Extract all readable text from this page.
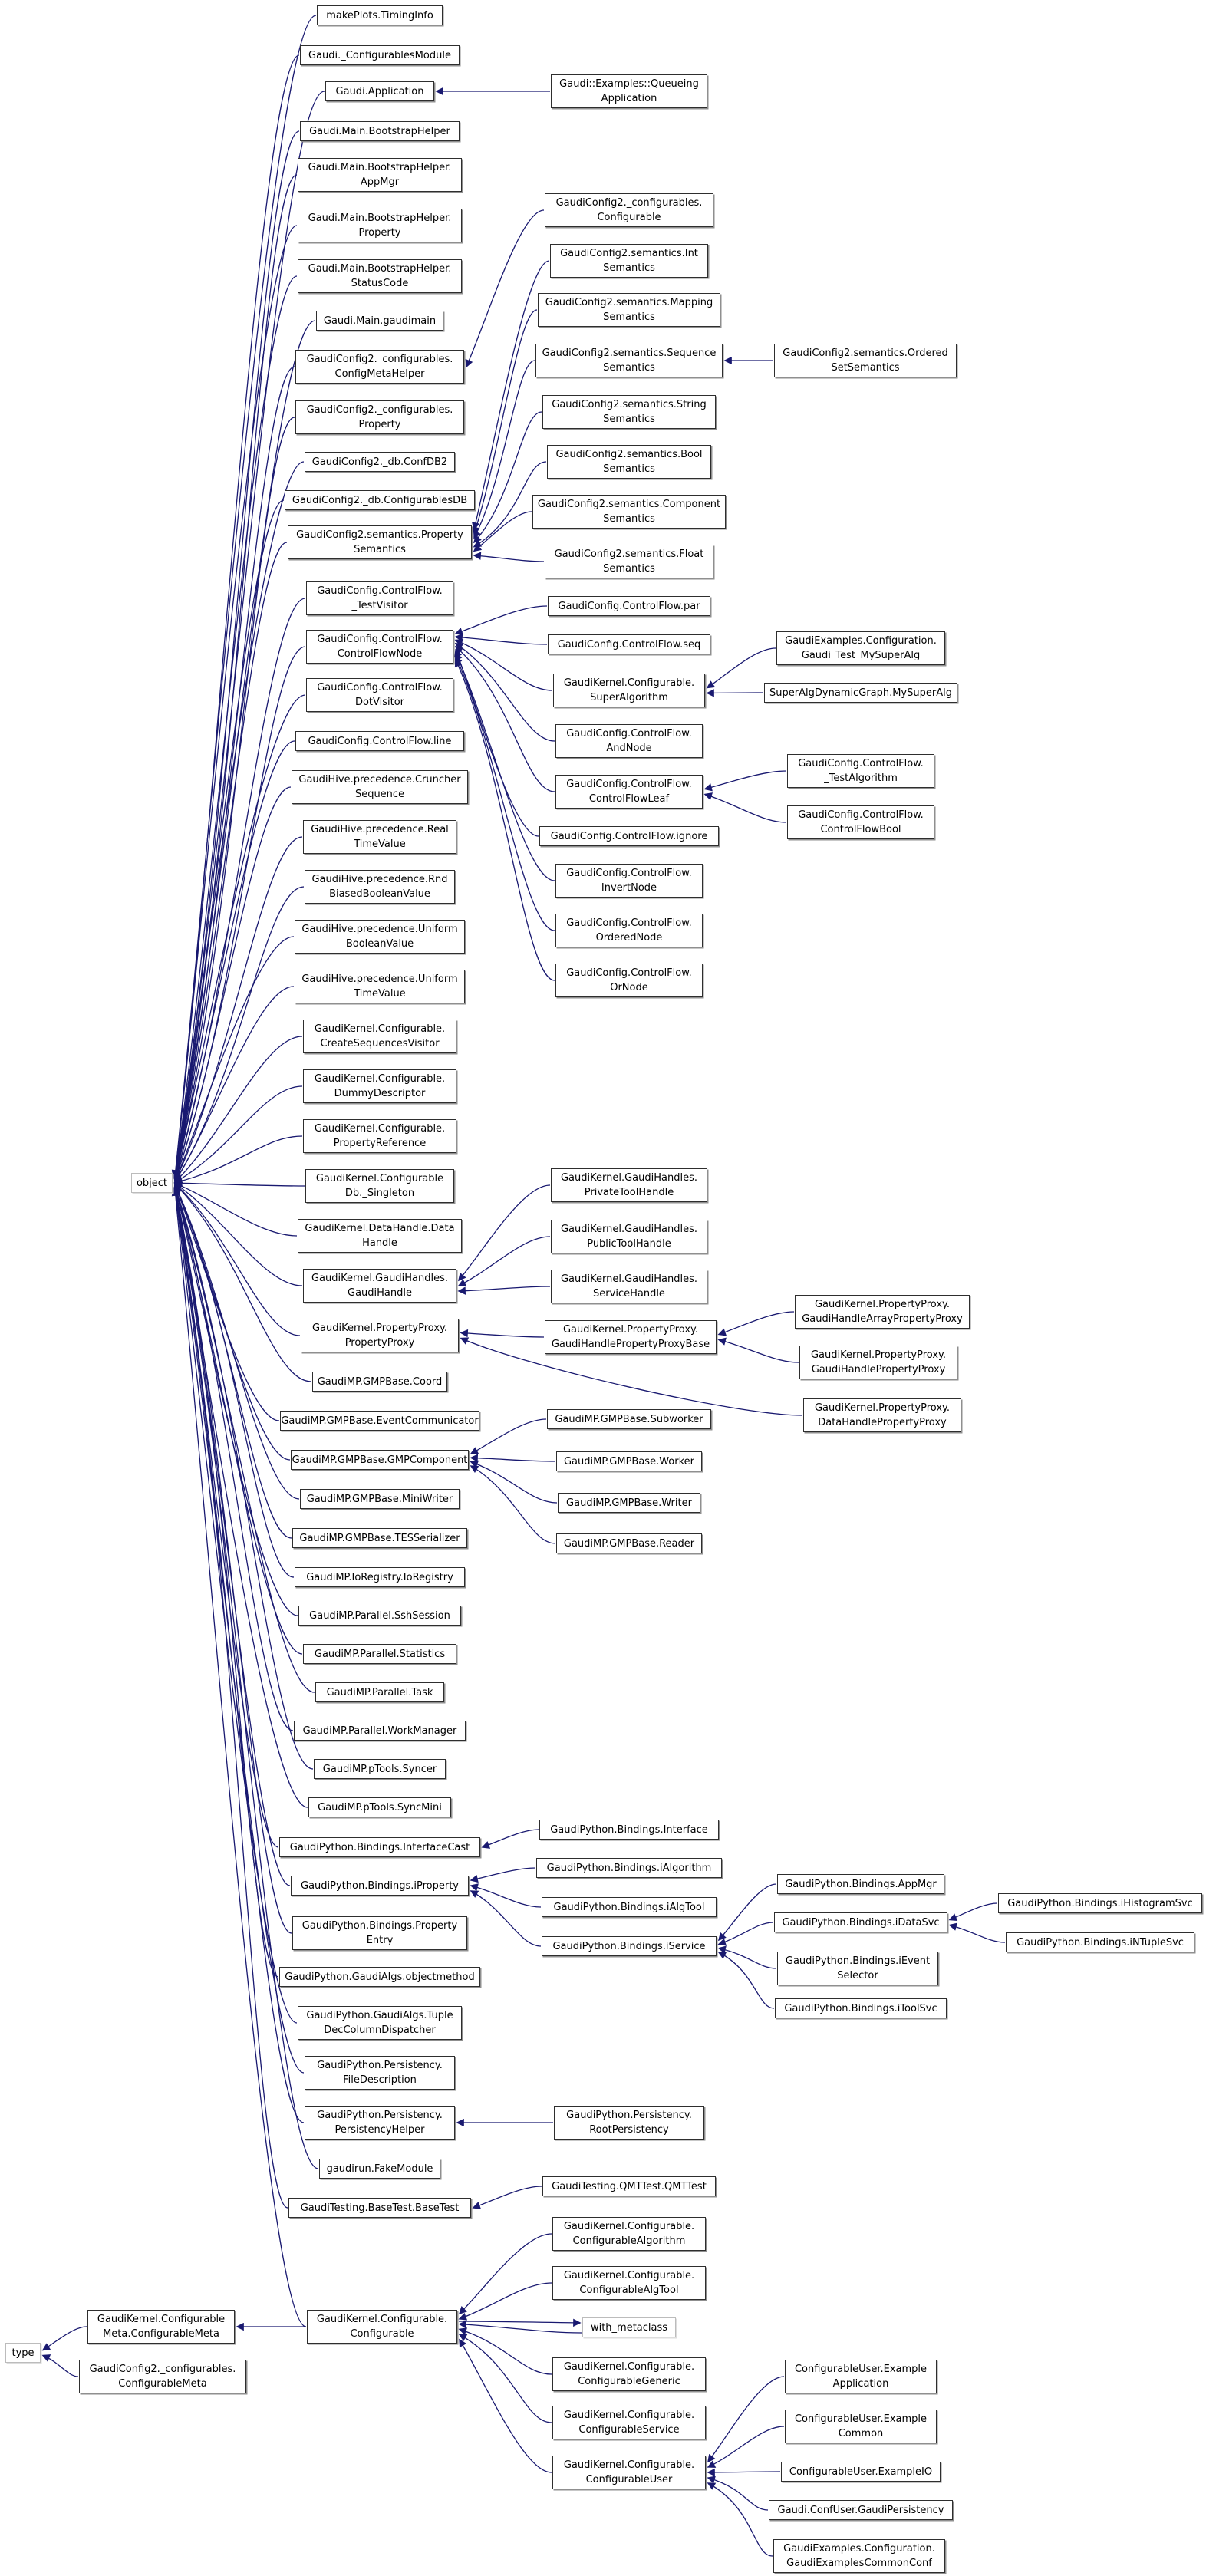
object
type
makePlots.TimingInfo
Gaudi._ConfigurablesModule
Gaudi.Application
Gaudi.Main.BootstrapHelper
Gaudi.Main.BootstrapHelper.
AppMgr
Gaudi.Main.BootstrapHelper.
Property
Gaudi.Main.BootstrapHelper.
StatusCode
Gaudi.Main.gaudimain
GaudiConfig2._configurables.
ConfigMetaHelper
GaudiConfig2._configurables.
Property
GaudiConfig2._db.ConfDB2
GaudiConfig2._db.ConfigurablesDB
GaudiConfig2.semantics.Property
Semantics
GaudiConfig.ControlFlow.
_TestVisitor
GaudiConfig.ControlFlow.
ControlFlowNode
GaudiConfig.ControlFlow.
DotVisitor
GaudiConfig.ControlFlow.line
GaudiHive.precedence.Cruncher
Sequence
GaudiHive.precedence.Real
TimeValue
GaudiHive.precedence.Rnd
BiasedBooleanValue
GaudiHive.precedence.Uniform
BooleanValue
GaudiHive.precedence.Uniform
TimeValue
GaudiKernel.Configurable.
CreateSequencesVisitor
GaudiKernel.Configurable.
DummyDescriptor
GaudiKernel.Configurable.
PropertyReference
GaudiKernel.Configurable
Db._Singleton
GaudiKernel.DataHandle.Data
Handle
GaudiKernel.GaudiHandles.
GaudiHandle
GaudiKernel.PropertyProxy.
PropertyProxy
GaudiMP.GMPBase.Coord
GaudiMP.GMPBase.EventCommunicator
GaudiMP.GMPBase.GMPComponent
GaudiMP.GMPBase.MiniWriter
GaudiMP.GMPBase.TESSerializer
GaudiMP.IoRegistry.IoRegistry
GaudiMP.Parallel.SshSession
GaudiMP.Parallel.Statistics
GaudiMP.Parallel.Task
GaudiMP.Parallel.WorkManager
GaudiMP.pTools.Syncer
GaudiMP.pTools.SyncMini
GaudiPython.Bindings.InterfaceCast
GaudiPython.Bindings.iProperty
GaudiPython.Bindings.Property
Entry
GaudiPython.GaudiAlgs.objectmethod
GaudiPython.GaudiAlgs.Tuple
DecColumnDispatcher
GaudiPython.Persistency.
FileDescription
GaudiPython.Persistency.
PersistencyHelper
gaudirun.FakeModule
GaudiTesting.BaseTest.BaseTest
GaudiKernel.Configurable.
Configurable
GaudiKernel.Configurable
Meta.ConfigurableMeta
GaudiConfig2._configurables.
ConfigurableMeta
Gaudi::Examples::Queueing
Application
GaudiConfig2._configurables.
Configurable
GaudiConfig2.semantics.Int
Semantics
GaudiConfig2.semantics.Mapping
Semantics
GaudiConfig2.semantics.Sequence
Semantics
GaudiConfig2.semantics.String
Semantics
GaudiConfig2.semantics.Bool
Semantics
GaudiConfig2.semantics.Component
Semantics
GaudiConfig2.semantics.Float
Semantics
GaudiConfig.ControlFlow.par
GaudiConfig.ControlFlow.seq
GaudiKernel.Configurable.
SuperAlgorithm
GaudiConfig.ControlFlow.
AndNode
GaudiConfig.ControlFlow.
ControlFlowLeaf
GaudiConfig.ControlFlow.ignore
GaudiConfig.ControlFlow.
InvertNode
GaudiConfig.ControlFlow.
OrderedNode
GaudiConfig.ControlFlow.
OrNode
GaudiKernel.GaudiHandles.
PrivateToolHandle
GaudiKernel.GaudiHandles.
PublicToolHandle
GaudiKernel.GaudiHandles.
ServiceHandle
GaudiKernel.PropertyProxy.
GaudiHandlePropertyProxyBase
GaudiMP.GMPBase.Subworker
GaudiMP.GMPBase.Worker
GaudiMP.GMPBase.Writer
GaudiMP.GMPBase.Reader
GaudiPython.Bindings.Interface
GaudiPython.Bindings.iAlgorithm
GaudiPython.Bindings.iAlgTool
GaudiPython.Bindings.iService
GaudiPython.Persistency.
RootPersistency
GaudiTesting.QMTTest.QMTTest
GaudiKernel.Configurable.
ConfigurableAlgorithm
GaudiKernel.Configurable.
ConfigurableAlgTool
with_metaclass
GaudiKernel.Configurable.
ConfigurableGeneric
GaudiKernel.Configurable.
ConfigurableService
GaudiKernel.Configurable.
ConfigurableUser
GaudiConfig2.semantics.Ordered
SetSemantics
GaudiExamples.Configuration.
Gaudi_Test_MySuperAlg
SuperAlgDynamicGraph.MySuperAlg
GaudiConfig.ControlFlow.
_TestAlgorithm
GaudiConfig.ControlFlow.
ControlFlowBool
GaudiKernel.PropertyProxy.
GaudiHandleArrayPropertyProxy
GaudiKernel.PropertyProxy.
GaudiHandlePropertyProxy
GaudiKernel.PropertyProxy.
DataHandlePropertyProxy
GaudiPython.Bindings.AppMgr
GaudiPython.Bindings.iDataSvc
GaudiPython.Bindings.iEvent
Selector
GaudiPython.Bindings.iToolSvc
ConfigurableUser.Example
Application
ConfigurableUser.Example
Common
ConfigurableUser.ExampleIO
Gaudi.ConfUser.GaudiPersistency
GaudiExamples.Configuration.
GaudiExamplesCommonConf
GaudiPython.Bindings.iHistogramSvc
GaudiPython.Bindings.iNTupleSvc
